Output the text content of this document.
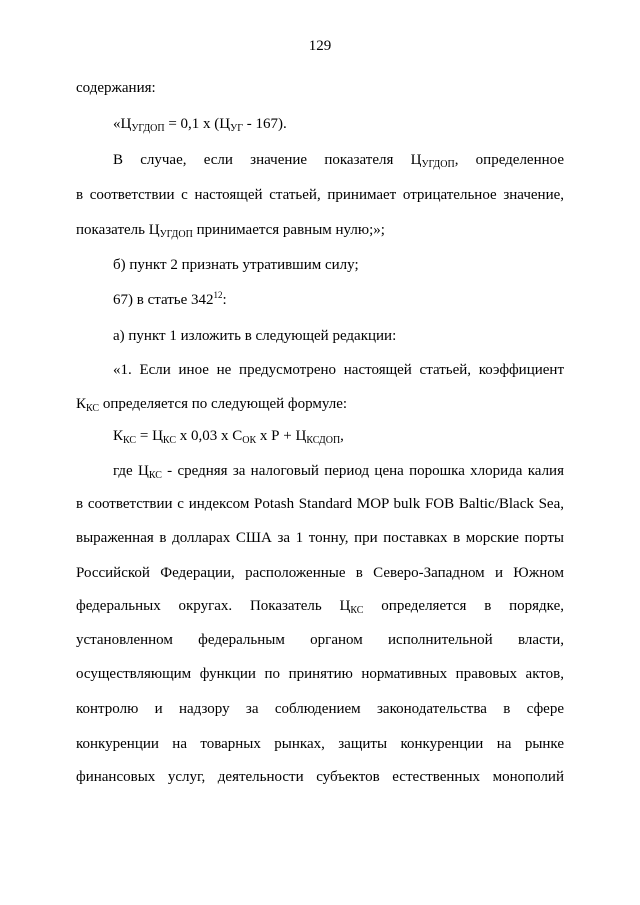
129
содержания:
«$Ц_{УГДОП} = 0,1$ х $(Ц_{УГ} - 167)$.
В случае, если значение показателя $Ц_{УГДОП}$, определенное
в соответствии с настоящей статьей, принимает отрицательное значение,
показатель $Ц_{УГДОП}$ принимается равным нулю;»;
б) пункт 2 признать утратившим силу;
67) в статье $342^{12}$:
а) пункт 1 изложить в следующей редакции:
«1. Если иное не предусмотрено настоящей статьей, коэффициент
$К_{КС}$ определяется по следующей формуле:
$К_{КС} = Ц_{КС}$ х 0,03 х $С_{ОК}$ х $Р + Ц_{КСДОП}$,
где $Ц_{КС}$ - средняя за налоговый период цена порошка хлорида калия
в соответствии с индексом Potash Standard MOP bulk FOB Baltic/Black Sea,
выраженная в долларах США за 1 тонну, при поставках в морские порты
Российской Федерации, расположенные в Северо-Западном и Южном
федеральных округах. Показатель $Ц_{КС}$ определяется в порядке,
установленном федеральным органом исполнительной власти,
осуществляющим функции по принятию нормативных правовых актов,
контролю и надзору за соблюдением законодательства в сфере
конкуренции на товарных рынках, защиты конкуренции на рынке
финансовых услуг, деятельности субъектов естественных монополий
